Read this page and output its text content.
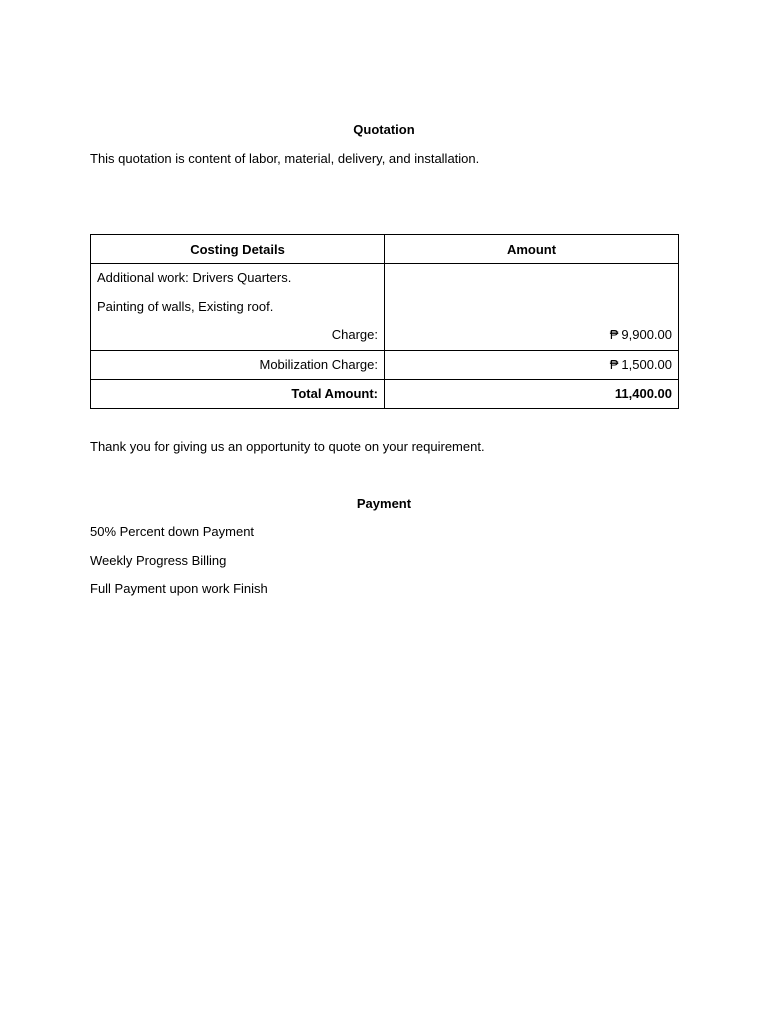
Quotation
This quotation is content of labor, material, delivery, and installation.
Costing Details	Amount

Additional work: Drivers Quarters.
Painting of walls, Existing roof.
Charge:	₱ 9,900.00

Mobilization Charge:	₱ 1,500.00
Total Amount:	11,400.00
Thank you for giving us an opportunity to quote on your requirement.
Payment
50% Percent down Payment
Weekly Progress Billing
Full Payment upon work Finish
